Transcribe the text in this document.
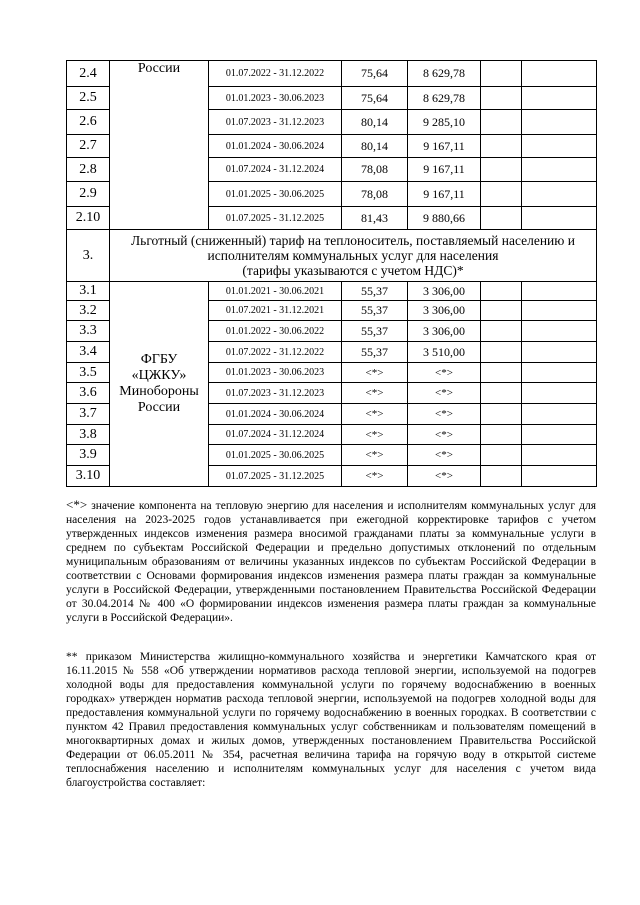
2.4	России	01.07.2022 - 31.12.2022	75,64	8 629,78		
2.5		01.01.2023 - 30.06.2023	75,64	8 629,78		
2.6		01.07.2023 - 31.12.2023	80,14	9 285,10		
2.7		01.01.2024 - 30.06.2024	80,14	9 167,11		
2.8		01.07.2024 - 31.12.2024	78,08	9 167,11		
2.9		01.01.2025 - 30.06.2025	78,08	9 167,11		
2.10		01.07.2025 - 31.12.2025	81,43	9 880,66		
3.	Льготный (сниженный) тариф на теплоноситель, поставляемый населению и
исполнителям коммунальных услуг для населения
(тарифы указываются с учетом НДС)*					

3.1	ФГБУ
«ЦЖКУ»
Минобороны
России	01.01.2021 - 30.06.2021	55,37	3 306,00		
3.2		01.07.2021 - 31.12.2021	55,37	3 306,00		
3.3		01.01.2022 - 30.06.2022	55,37	3 306,00		
3.4		01.07.2022 - 31.12.2022	55,37	3 510,00		
3.5		01.01.2023 - 30.06.2023	<*>	<*>		
3.6		01.07.2023 - 31.12.2023	<*>	<*>		
3.7		01.01.2024 - 30.06.2024	<*>	<*>		
3.8		01.07.2024 - 31.12.2024	<*>	<*>		
3.9		01.01.2025 - 30.06.2025	<*>	<*>		
3.10		01.07.2025 - 31.12.2025	<*>	<*>		

<*> значение компонента на тепловую энергию для населения и исполнителям коммунальных услуг для населения на 2023-2025 годов устанавливается при ежегодной корректировке тарифов с учетом утвержденных индексов изменения размера вносимой гражданами платы за коммунальные услуги в среднем по субъектам Российской Федерации и предельно допустимых отклонений по отдельным муниципальным образованиям от величины указанных индексов по субъектам Российской Федерации в соответствии с Основами формирования индексов изменения размера платы граждан за коммунальные услуги в Российской Федерации, утвержденными постановлением Правительства Российской Федерации от 30.04.2014 № 400 «О формировании индексов изменения размера платы граждан за коммунальные услуги в Российской Федерации».

** приказом Министерства жилищно-коммунального хозяйства и энергетики Камчатского края от 16.11.2015 № 558 «Об утверждении нормативов расхода тепловой энергии, используемой на подогрев холодной воды для предоставления коммунальной услуги по горячему водоснабжению в военных городках» утвержден норматив расхода тепловой энергии, используемой на подогрев холодной воды для предоставления коммунальной услуги по горячему водоснабжению в военных городках. В соответствии с пунктом 42 Правил предоставления коммунальных услуг собственникам и пользователям помещений в многоквартирных домах и жилых домов, утвержденных постановлением Правительства Российской Федерации от 06.05.2011 № 354, расчетная величина тарифа на горячую воду в открытой системе теплоснабжения населению и исполнителям коммунальных услуг для населения с учетом вида благоустройства составляет:
